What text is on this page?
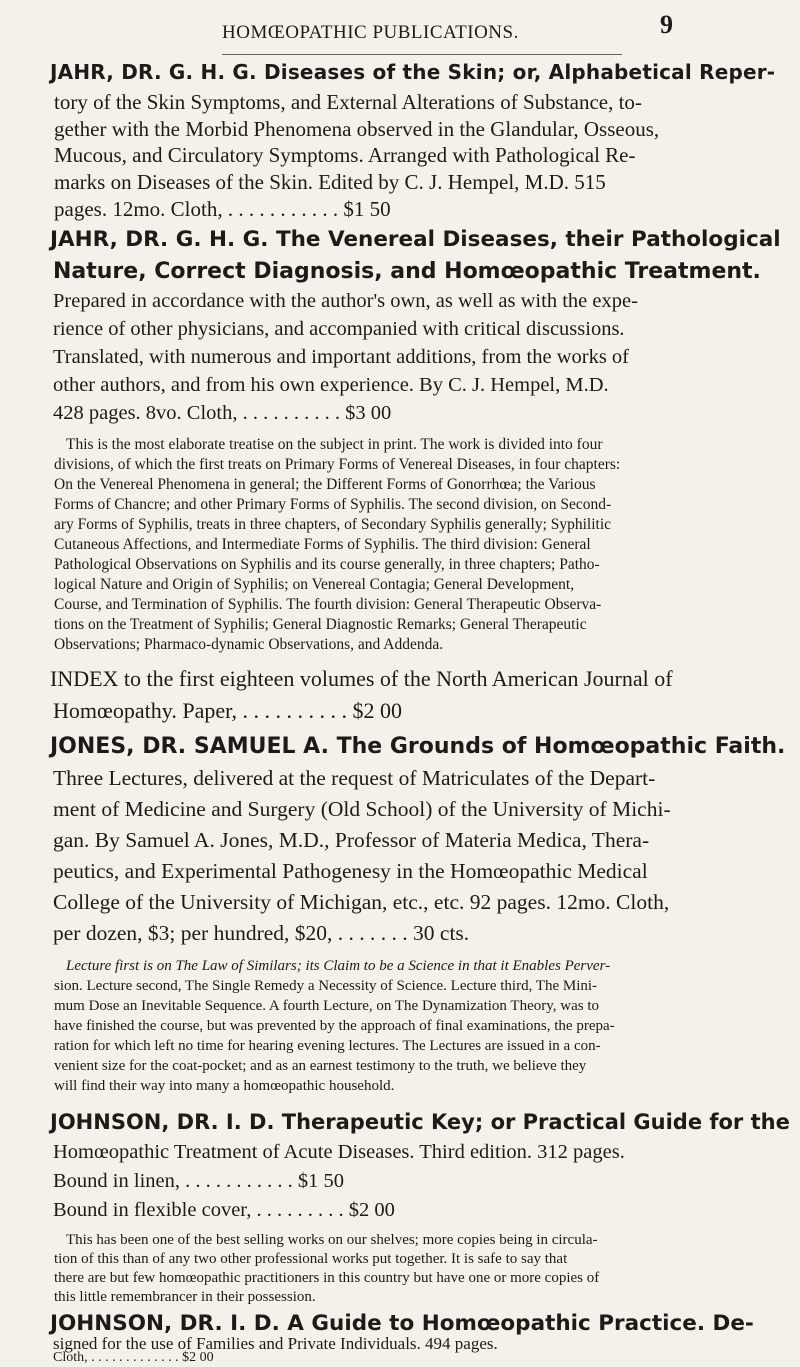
HOMŒOPATHIC PUBLICATIONS.	9
JAHR, DR. G. H. G. Diseases of the Skin; or, Alphabetical Reper-
tory of the Skin Symptoms, and External Alterations of Substance, to-
gether with the Morbid Phenomena observed in the Glandular, Osseous,
Mucous, and Circulatory Symptoms. Arranged with Pathological Re-
marks on Diseases of the Skin. Edited by C. J. Hempel, M.D. 515
pages. 12mo. Cloth, . . . . . . . . . . . $1 50
JAHR, DR. G. H. G. The Venereal Diseases, their Pathological
Nature, Correct Diagnosis, and Homœopathic Treatment.
Prepared in accordance with the author's own, as well as with the expe-
rience of other physicians, and accompanied with critical discussions.
Translated, with numerous and important additions, from the works of
other authors, and from his own experience. By C. J. Hempel, M.D.
428 pages. 8vo. Cloth, . . . . . . . . . . $3 00
This is the most elaborate treatise on the subject in print. The work is divided into four
divisions, of which the first treats on Primary Forms of Venereal Diseases, in four chapters:
On the Venereal Phenomena in general; the Different Forms of Gonorrhœa; the Various
Forms of Chancre; and other Primary Forms of Syphilis. The second division, on Second-
ary Forms of Syphilis, treats in three chapters, of Secondary Syphilis generally; Syphilitic
Cutaneous Affections, and Intermediate Forms of Syphilis. The third division: General
Pathological Observations on Syphilis and its course generally, in three chapters; Patho-
logical Nature and Origin of Syphilis; on Venereal Contagia; General Development,
Course, and Termination of Syphilis. The fourth division: General Therapeutic Observa-
tions on the Treatment of Syphilis; General Diagnostic Remarks; General Therapeutic
Observations; Pharmaco-dynamic Observations, and Addenda.
INDEX to the first eighteen volumes of the North American Journal of
Homœopathy. Paper, . . . . . . . . . . $2 00
JONES, DR. SAMUEL A. The Grounds of Homœopathic Faith.
Three Lectures, delivered at the request of Matriculates of the Depart-
ment of Medicine and Surgery (Old School) of the University of Michi-
gan. By Samuel A. Jones, M.D., Professor of Materia Medica, Thera-
peutics, and Experimental Pathogenesy in the Homœopathic Medical
College of the University of Michigan, etc., etc. 92 pages. 12mo. Cloth,
per dozen, $3; per hundred, $20, . . . . . . . 30 cts.
Lecture first is on The Law of Similars; its Claim to be a Science in that it Enables Perver-
sion. Lecture second, The Single Remedy a Necessity of Science. Lecture third, The Mini-
mum Dose an Inevitable Sequence. A fourth Lecture, on The Dynamization Theory, was to
have finished the course, but was prevented by the approach of final examinations, the prepa-
ration for which left no time for hearing evening lectures. The Lectures are issued in a con-
venient size for the coat-pocket; and as an earnest testimony to the truth, we believe they
will find their way into many a homœopathic household.
JOHNSON, DR. I. D. Therapeutic Key; or Practical Guide for the
Homœopathic Treatment of Acute Diseases. Third edition. 312 pages.
Bound in linen, . . . . . . . . . . . $1 50
Bound in flexible cover, . . . . . . . . . $2 00
This has been one of the best selling works on our shelves; more copies being in circula-
tion of this than of any two other professional works put together. It is safe to say that
there are but few homœopathic practitioners in this country but have one or more copies of
this little remembrancer in their possession.
JOHNSON, DR. I. D. A Guide to Homœopathic Practice. De-
signed for the use of Families and Private Individuals. 494 pages.
Cloth, . . . . . . . . . . . . . $2 00
